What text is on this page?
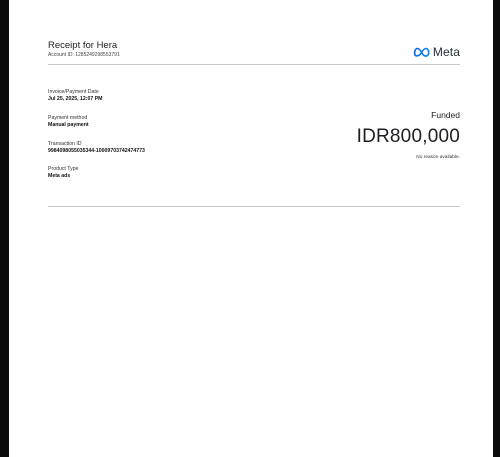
Receipt for Hera
Account ID: 1285249298553791	Meta
Invoice/Payment Date
Jul 25, 2025, 12:07 PM
Payment method
Manual payment
Transaction ID
9984098055035344-10009703742474773
Product Type
Meta ads
Funded
IDR800,000
No reason available.
